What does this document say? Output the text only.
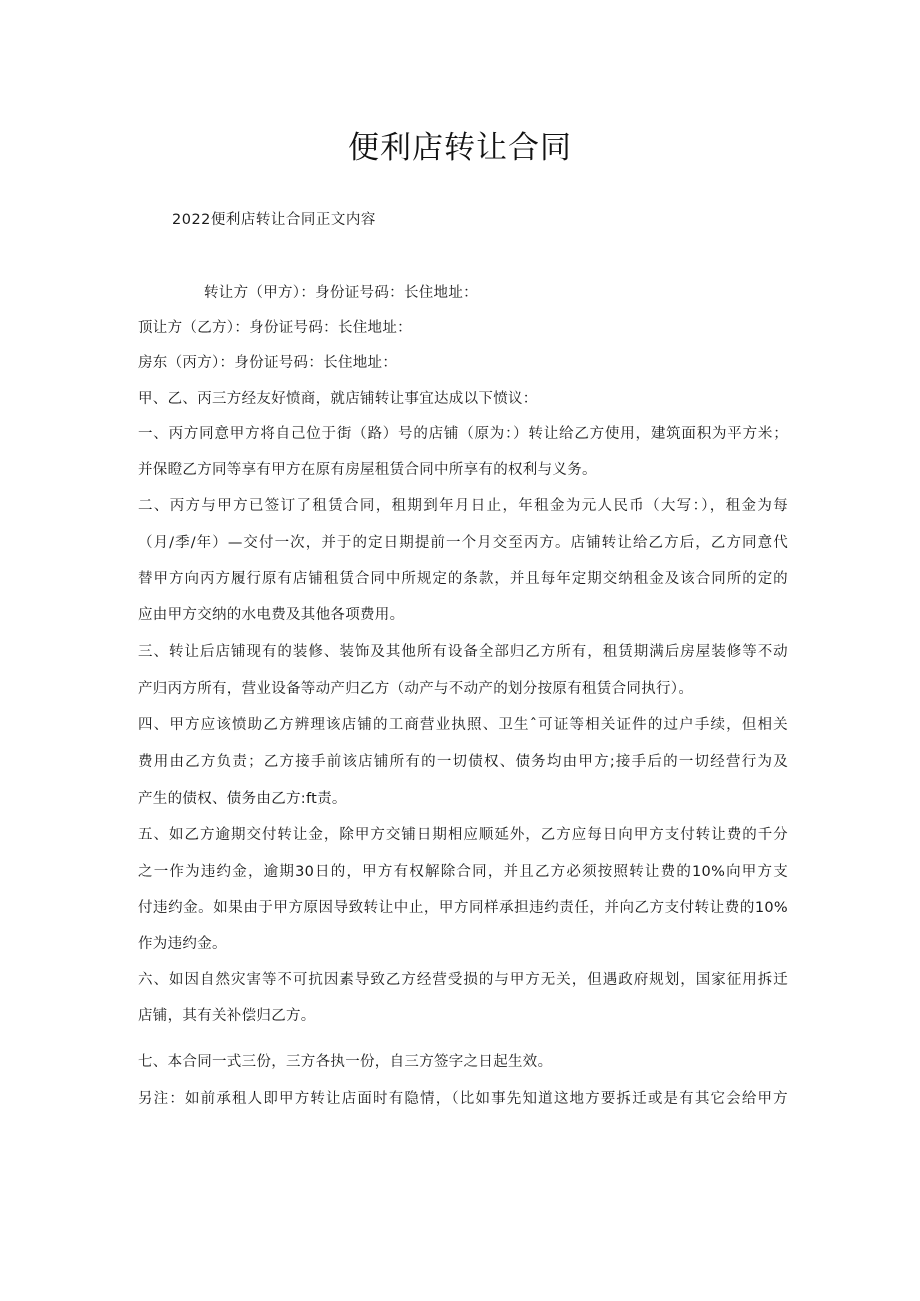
便利店转让合同
2022便利店转让合同正文内容
转让方（甲方）：身份证号码：长住地址：
顶让方（乙方）：身份证号码：长住地址：
房东（丙方）：身份证号码：长住地址：
甲、乙、丙三方经友好愤商，就店铺转让事宜达成以下愤议：
一、丙方同意甲方将自己位于街（路）号的店铺（原为：）转让给乙方使用，建筑面积为平方米；
并保瞪乙方同等享有甲方在原有房屋租赁合同中所享有的权利与义务。
二、丙方与甲方已签订了租赁合同，租期到年月日止，年租金为元人民币（大写：），租金为每
（月/季/年）—交付一次，并于的定日期提前一个月交至丙方。店铺转让给乙方后，乙方同意代
替甲方向丙方履行原有店铺租赁合同中所规定的条款，并且每年定期交纳租金及该合同所的定的
应由甲方交纳的水电费及其他各项费用。
三、转让后店铺现有的装修、装饰及其他所有设备全部归乙方所有，租赁期满后房屋装修等不动
产归丙方所有，营业设备等动产归乙方（动产与不动产的划分按原有租赁合同执行）。
四、甲方应该愤助乙方辨理该店铺的工商营业执照、卫生ˆ可证等相关证件的过户手续，但相关
费用由乙方负责；乙方接手前该店铺所有的一切债权、债务均由甲方;接手后的一切经营行为及
产生的债权、债务由乙方:ft责。
五、如乙方逾期交付转让金，除甲方交铺日期相应顺延外，乙方应每日向甲方支付转让费的千分
之一作为违约金，逾期30日的，甲方有权解除合同，并且乙方必须按照转让费的10%向甲方支
付违约金。如果由于甲方原因导致转让中止，甲方同样承担违约责任，并向乙方支付转让费的10%
作为违约金。
六、如因自然灾害等不可抗因素导致乙方经营受损的与甲方无关，但遇政府规划，国家征用拆迁
店铺，其有关补偿归乙方。
七、本合同一式三份，三方各执一份，自三方签字之日起生效。
另注：如前承租人即甲方转让店面时有隐情，（比如事先知道这地方要拆迁或是有其它会给甲方
